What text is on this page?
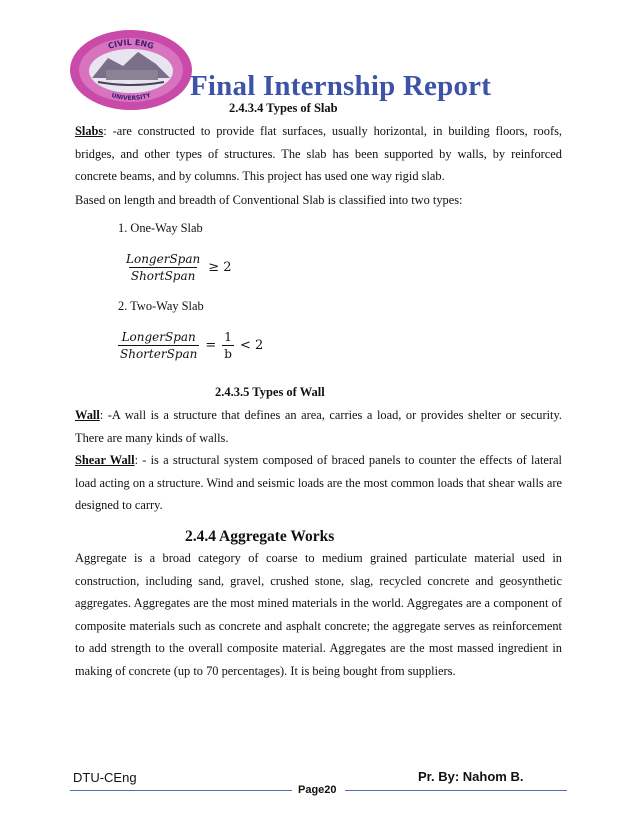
CIVIL ENG
UNIVERSITY Final Internship Report
2.4.3.4 Types of Slab

Slabs: -are constructed to provide flat surfaces, usually horizontal, in building floors, roofs, bridges, and other types of structures. The slab has been supported by walls, by reinforced concrete beams, and by columns. This project has used one way rigid slab.

Based on length and breadth of Conventional Slab is classified into two types:

1. One-Way Slab
$\frac{\text{LongerSpan}}{\text{ShortSpan}} \ge 2$
2. Two-Way Slab
$\frac{\text{LongerSpan}}{\text{ShorterSpan}} = \frac{1}{b} < 2$
2.4.3.5 Types of Wall

Wall: -A wall is a structure that defines an area, carries a load, or provides shelter or security. There are many kinds of walls.

Shear Wall: - is a structural system composed of braced panels to counter the effects of lateral load acting on a structure. Wind and seismic loads are the most common loads that shear walls are designed to carry.

2.4.4 Aggregate Works

Aggregate is a broad category of coarse to medium grained particulate material used in construction, including sand, gravel, crushed stone, slag, recycled concrete and geosynthetic aggregates. Aggregates are the most mined materials in the world. Aggregates are a component of composite materials such as concrete and asphalt concrete; the aggregate serves as reinforcement to add strength to the overall composite material. Aggregates are the most massed ingredient in making of concrete (up to 70 percentages). It is being bought from suppliers.

DTU-CEng	Pr. By: Nahom B.
Page20
